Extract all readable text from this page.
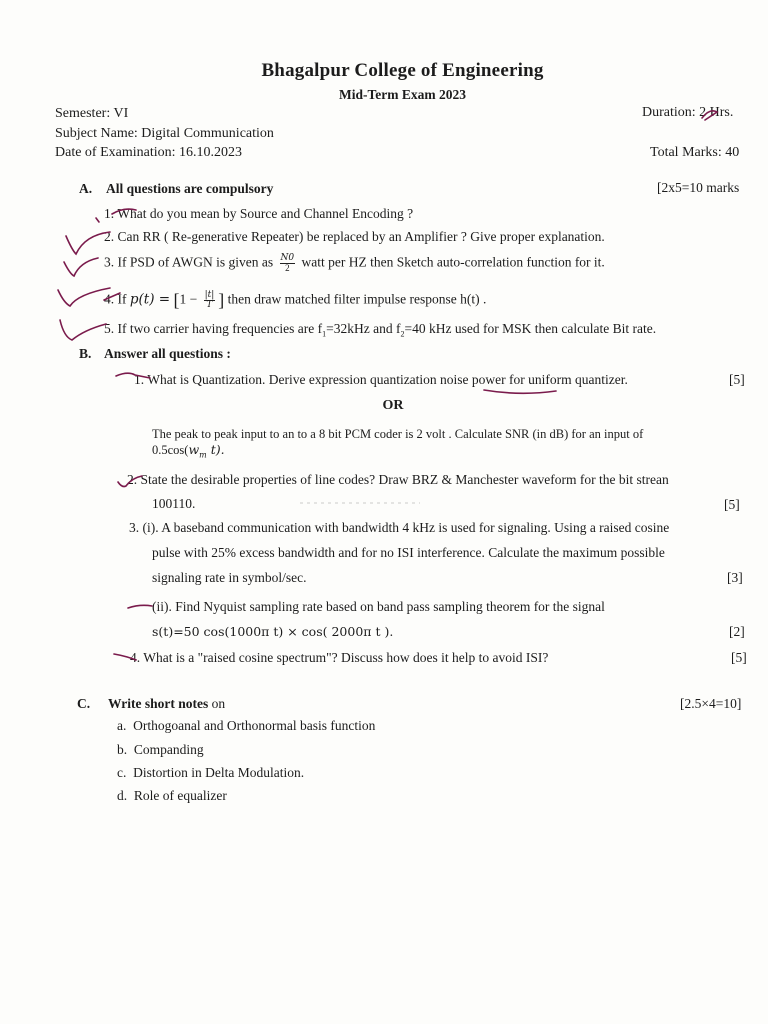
Bhagalpur College of Engineering
Mid-Term Exam 2023
Semester: VI
Subject Name: Digital Communication
Date of Examination: 16.10.2023
Duration: 2 Hrs.
Total Marks: 40
A. All questions are compulsory	[2x5=10 marks
1. What do you mean by Source and Channel Encoding ?
2. Can RR ( Re-generative Repeater) be replaced by an Amplifier ? Give proper explanation.
3. If PSD of AWGN is given as $\frac{N0}{2}$ watt per HZ then Sketch auto-correlation function for it.
4. If $p(t) = [1 - \frac{|t|}{T}$ ] then draw matched filter impulse response h(t) .
5. If two carrier having frequencies are $f_1=32kHz$ and $f_2=40$ kHz used for MSK then calculate Bit rate.
B. Answer all questions :
1. What is Quantization. Derive expression quantization noise power for uniform quantizer.	[5]
OR
The peak to peak input to an to a 8 bit PCM coder is 2 volt . Calculate SNR (in dB) for an input of
$0.5\cos(w_m$ t).
2. State the desirable properties of line codes? Draw BRZ & Manchester waveform for the bit strean
100110.	[5]
3. (i). A baseband communication with bandwidth 4 kHz is used for signaling. Using a raised cosine
pulse with 25% excess bandwidth and for no ISI interference. Calculate the maximum possible
signaling rate in symbol/sec.	[3]
(ii). Find Nyquist sampling rate based on band pass sampling theorem for the signal
s(t)=50 cos(1000π t) × cos( 2000π t ).	[2]
4. What is a "raised cosine spectrum"? Discuss how does it help to avoid ISI?	[5]
C. Write short notes on	[2.5×4=10]
a. Orthogoanal and Orthonormal basis function
b. Companding
c. Distortion in Delta Modulation.
d. Role of equalizer
